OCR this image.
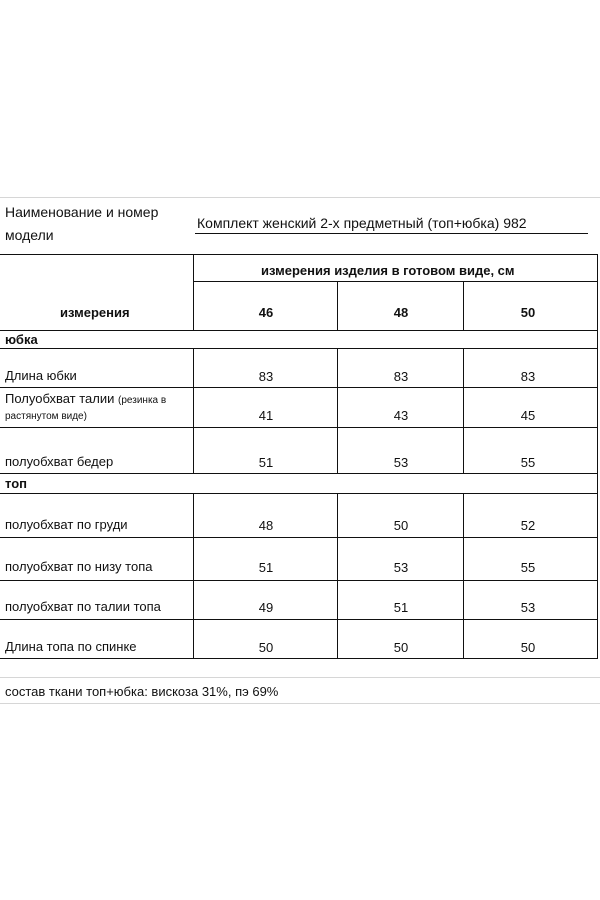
Наименование и номер
модели
Комплект женский 2-х предметный (топ+юбка) 982
измерения изделия в готовом виде, см
измерения	46	48	50
юбка
Длина юбки	83	83	83
Полуобхват талии (резинка в
растянутом виде)	41	43	45
полуобхват бедер	51	53	55
топ
полуобхват по груди	48	50	52
полуобхват по низу топа	51	53	55
полуобхват по талии топа	49	51	53
Длина топа по спинке	50	50	50
состав ткани топ+юбка: вискоза 31%, пэ 69%
